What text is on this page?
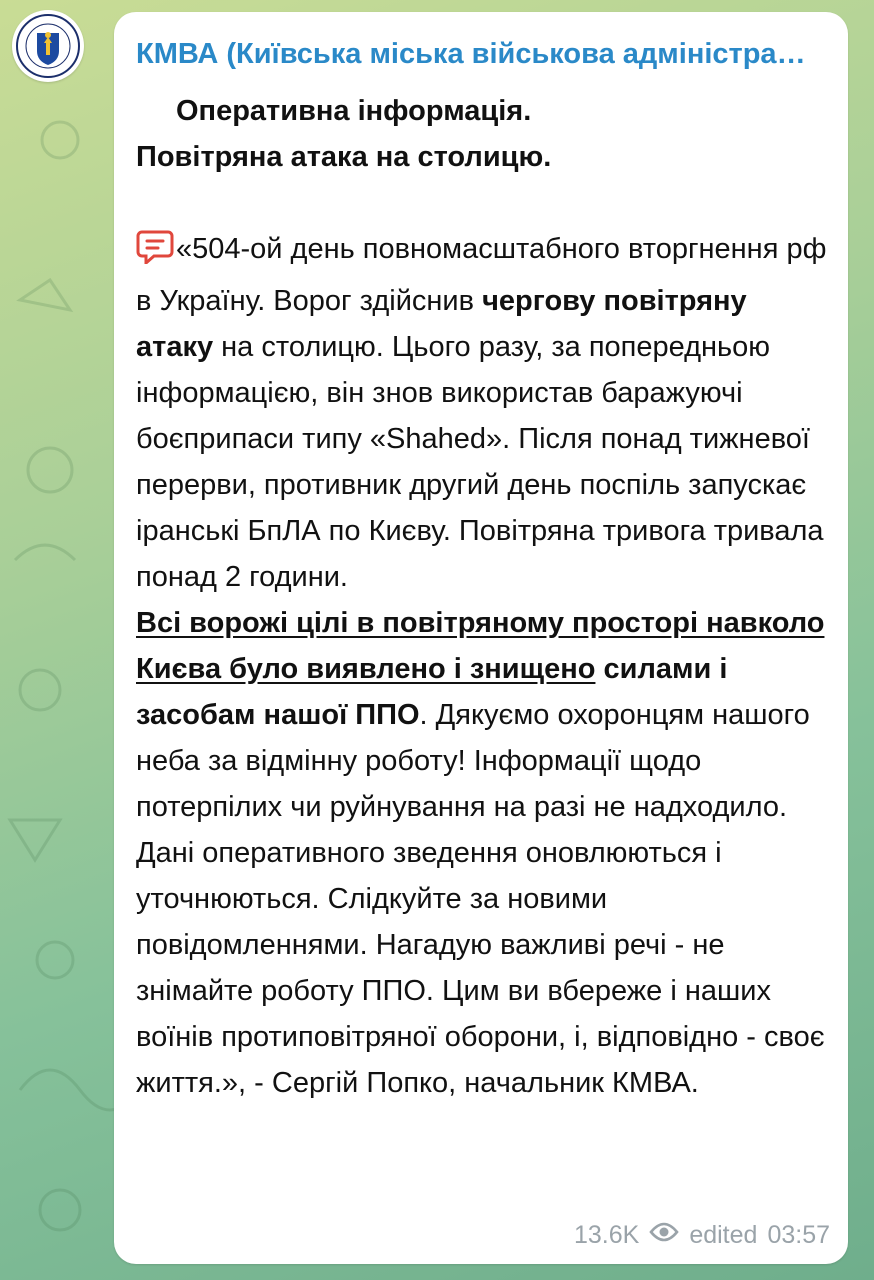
КМВА (Київська міська військова адміністра…
Оперативна інформація.
Повітряна атака на столицю.
«504-ой день повномасштабного вторгнення рф в Україну. Ворог здійснив чергову повітряну атаку на столицю. Цього разу, за попередньою інформацією, він знов використав баражуючі боєприпаси типу «Shahed». Після понад тижневої перерви, противник другий день поспіль запускає іранські БпЛА по Києву. Повітряна тривога тривала понад 2 години.
Всі ворожі цілі в повітряному просторі навколо Києва було виявлено і знищено силами і засобам нашої ППО. Дякуємо охоронцям нашого неба за відмінну роботу! Інформації щодо потерпілих чи руйнування на разі не надходило. Дані оперативного зведення оновлюються і уточнюються. Слідкуйте за новими повідомленнями. Нагадую важливі речі - не знімайте роботу ППО. Цим ви вбереже і наших воїнів протиповітряної оборони, і, відповідно - своє життя.», - Сергій Попко, начальник КМВА.
13.6K edited 03:57
